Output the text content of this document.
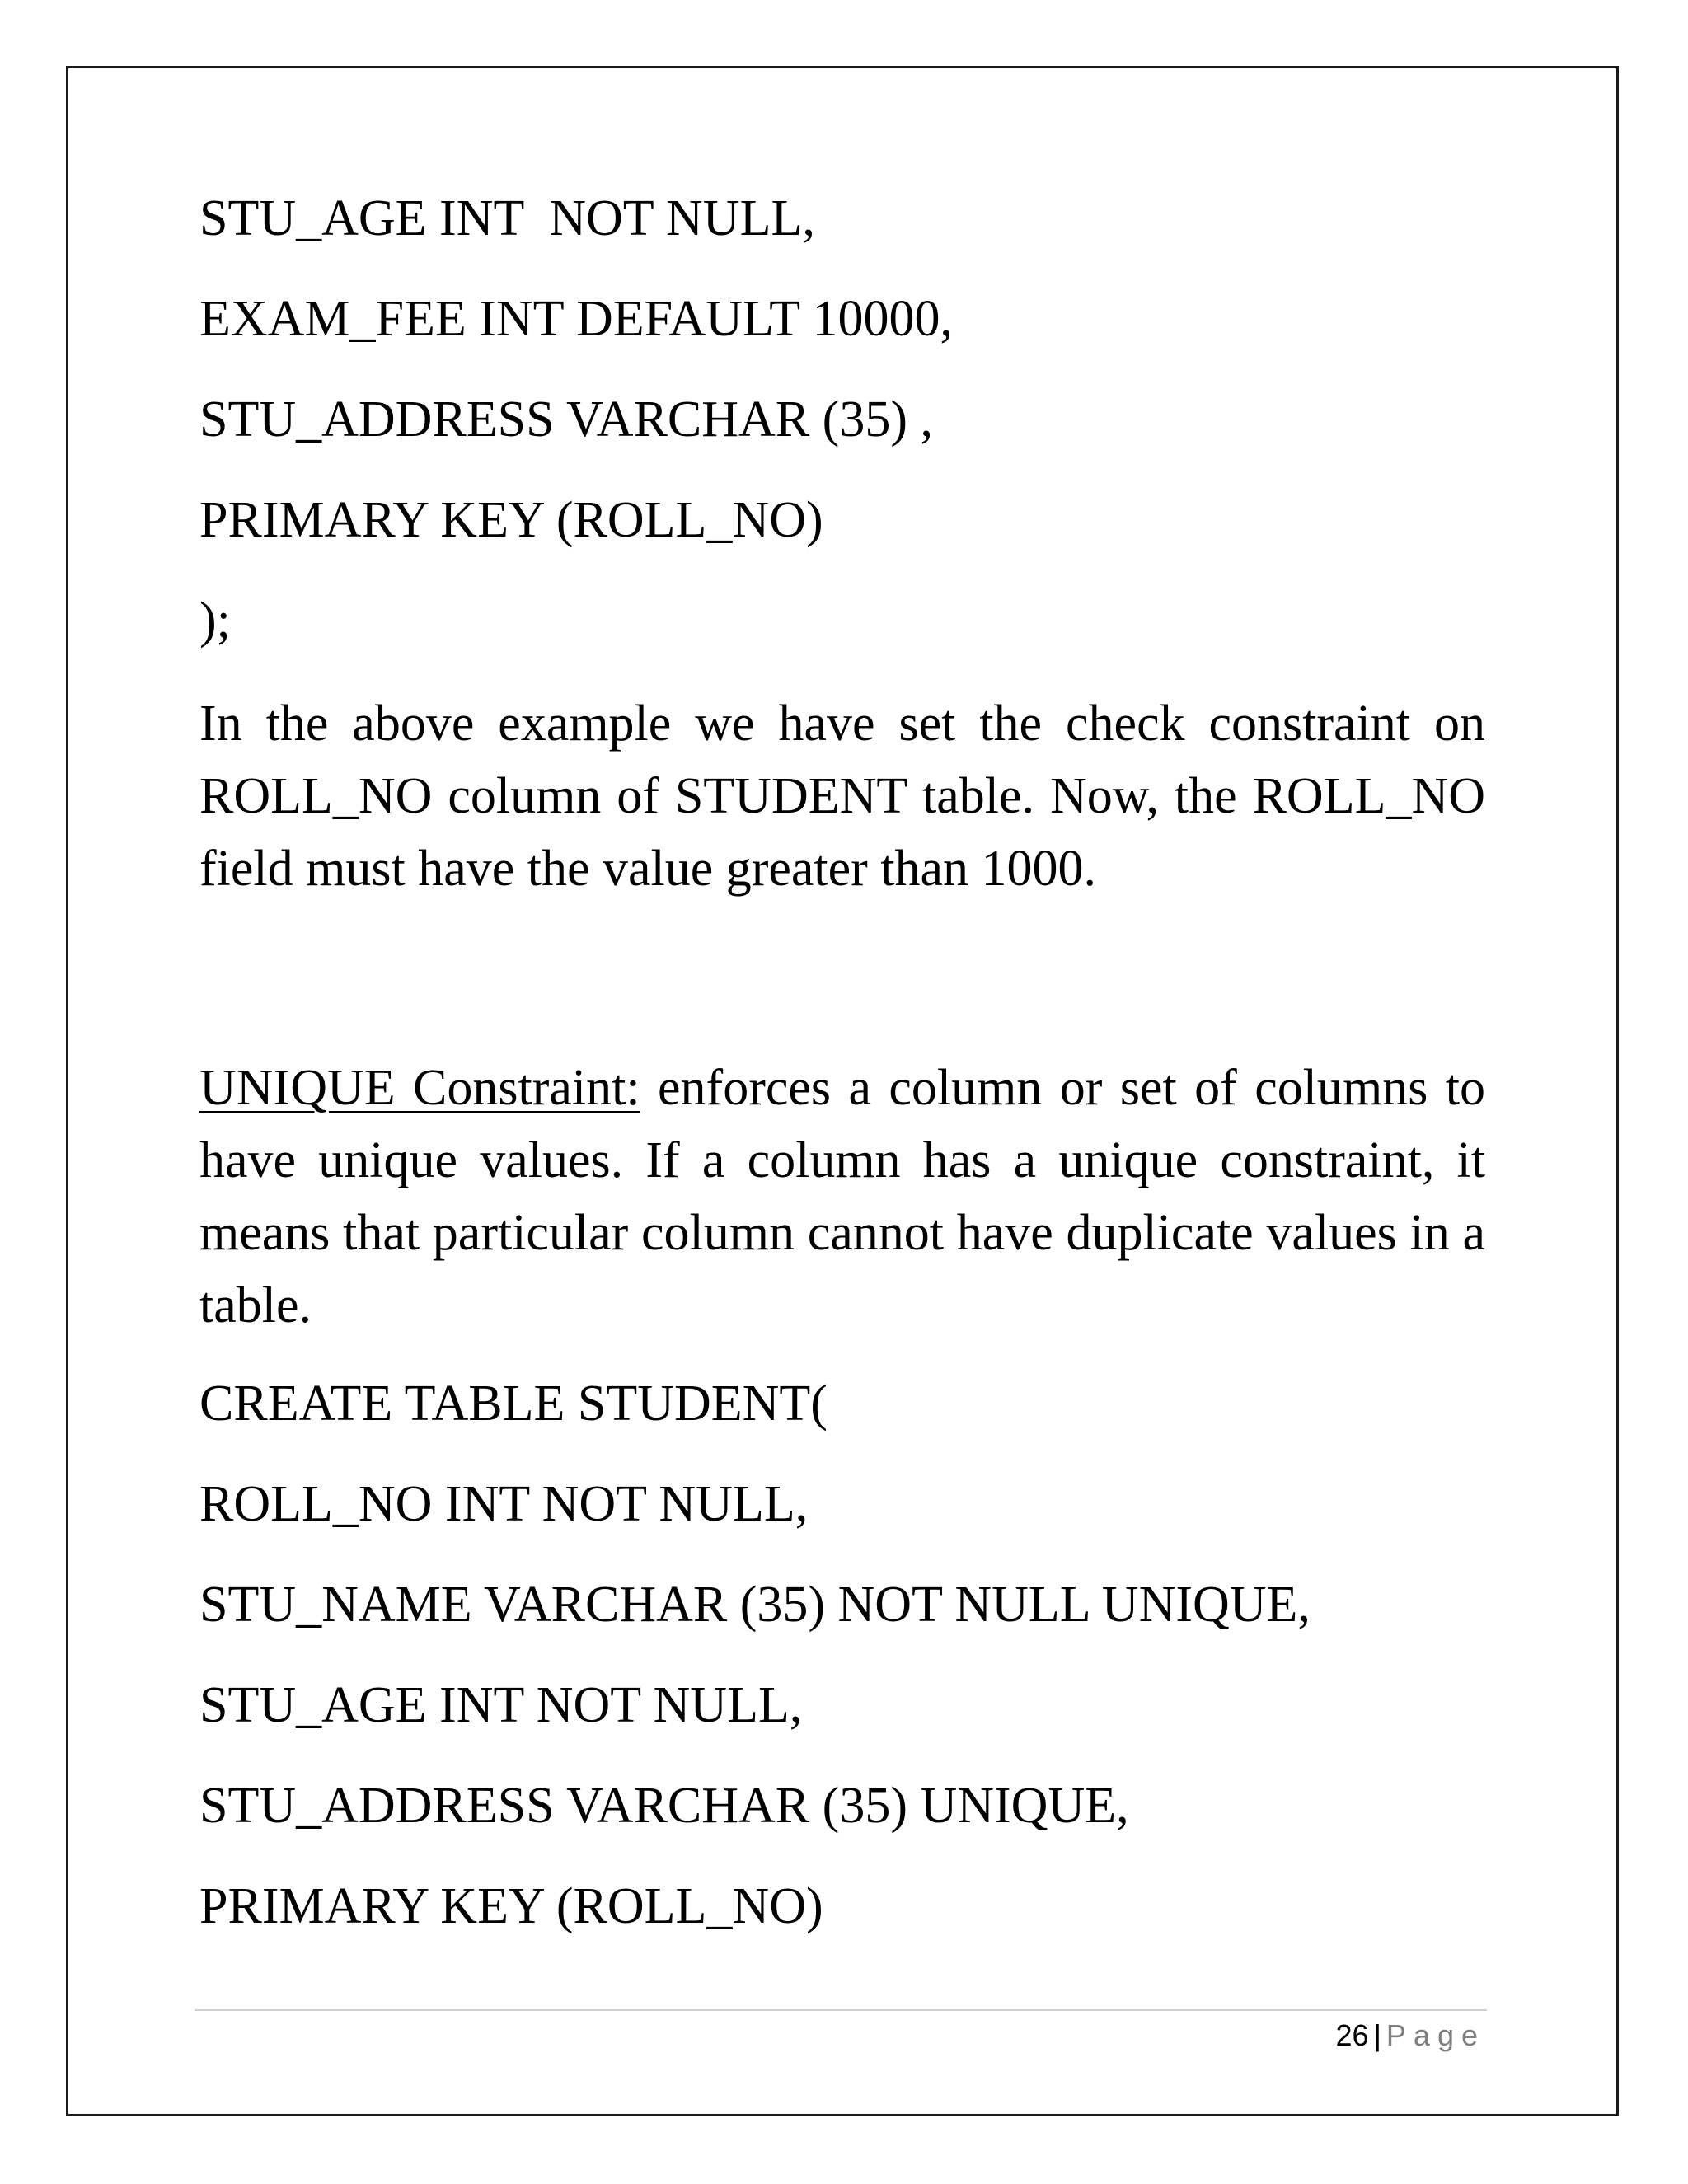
STU_AGE INT  NOT NULL,

EXAM_FEE INT DEFAULT 10000,

STU_ADDRESS VARCHAR (35) ,

PRIMARY KEY (ROLL_NO)

);

In the above example we have set the check constraint on ROLL_NO column of STUDENT table. Now, the ROLL_NO field must have the value greater than 1000.

UNIQUE Constraint: enforces a column or set of columns to have unique values. If a column has a unique constraint, it means that particular column cannot have duplicate values in a table.

CREATE TABLE STUDENT(

ROLL_NO INT NOT NULL,

STU_NAME VARCHAR (35) NOT NULL UNIQUE,

STU_AGE INT NOT NULL,

STU_ADDRESS VARCHAR (35) UNIQUE,

PRIMARY KEY (ROLL_NO)

26 | Page
